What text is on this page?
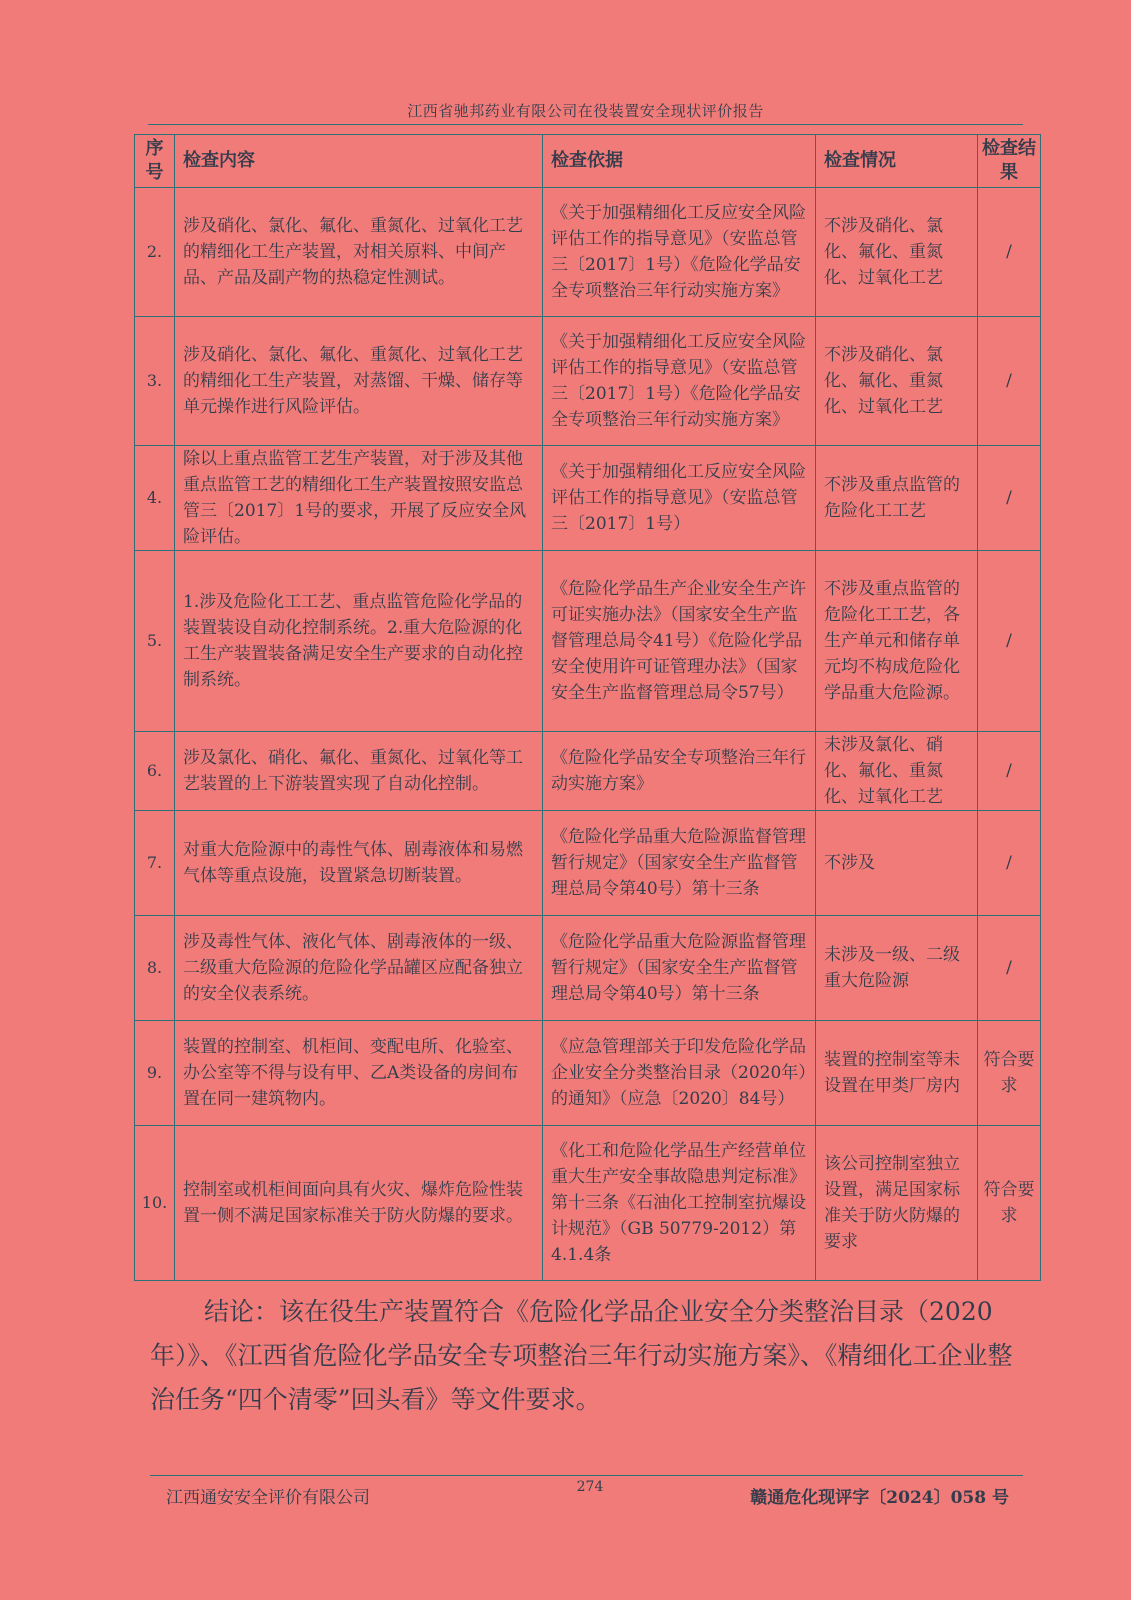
江西省驰邦药业有限公司在役装置安全现状评价报告
序号	检查内容	检查依据	检查情况	检查结果
2.	涉及硝化、氯化、氟化、重氮化、过氧化工艺的精细化工生产装置，对相关原料、中间产品、产品及副产物的热稳定性测试。	《关于加强精细化工反应安全风险评估工作的指导意见》（安监总管三〔2017〕1号）《危险化学品安全专项整治三年行动实施方案》	不涉及硝化、氯化、氟化、重氮化、过氧化工艺	/
3.	涉及硝化、氯化、氟化、重氮化、过氧化工艺的精细化工生产装置，对蒸馏、干燥、储存等单元操作进行风险评估。	《关于加强精细化工反应安全风险评估工作的指导意见》（安监总管三〔2017〕1号）《危险化学品安全专项整治三年行动实施方案》	不涉及硝化、氯化、氟化、重氮化、过氧化工艺	/
4.	除以上重点监管工艺生产装置，对于涉及其他重点监管工艺的精细化工生产装置按照安监总管三〔2017〕1号的要求，开展了反应安全风险评估。	《关于加强精细化工反应安全风险评估工作的指导意见》（安监总管三〔2017〕1号）	不涉及重点监管的危险化工工艺	/
5.	1.涉及危险化工工艺、重点监管危险化学品的装置装设自动化控制系统。2.重大危险源的化工生产装置装备满足安全生产要求的自动化控制系统。	《危险化学品生产企业安全生产许可证实施办法》（国家安全生产监督管理总局令41号）《危险化学品安全使用许可证管理办法》（国家安全生产监督管理总局令57号）	不涉及重点监管的危险化工工艺，各生产单元和储存单元均不构成危险化学品重大危险源。	/
6.	涉及氯化、硝化、氟化、重氮化、过氧化等工艺装置的上下游装置实现了自动化控制。	《危险化学品安全专项整治三年行动实施方案》	未涉及氯化、硝化、氟化、重氮化、过氧化工艺	/
7.	对重大危险源中的毒性气体、剧毒液体和易燃气体等重点设施，设置紧急切断装置。	《危险化学品重大危险源监督管理暂行规定》（国家安全生产监督管理总局令第40号）第十三条	不涉及	/
8.	涉及毒性气体、液化气体、剧毒液体的一级、二级重大危险源的危险化学品罐区应配备独立的安全仪表系统。	《危险化学品重大危险源监督管理暂行规定》（国家安全生产监督管理总局令第40号）第十三条	未涉及一级、二级重大危险源	/
9.	装置的控制室、机柜间、变配电所、化验室、办公室等不得与设有甲、乙A类设备的房间布置在同一建筑物内。	《应急管理部关于印发危险化学品企业安全分类整治目录（2020年）的通知》（应急〔2020〕84号）	装置的控制室等未设置在甲类厂房内	符合要求
10.	控制室或机柜间面向具有火灾、爆炸危险性装置一侧不满足国家标准关于防火防爆的要求。	《化工和危险化学品生产经营单位重大生产安全事故隐患判定标准》第十三条《石油化工控制室抗爆设计规范》（GB 50779-2012）第4.1.4条	该公司控制室独立设置，满足国家标准关于防火防爆的要求	符合要求
结论：该在役生产装置符合《危险化学品企业安全分类整治目录（2020年）》、《江西省危险化学品安全专项整治三年行动实施方案》、《精细化工企业整治任务“四个清零”回头看》等文件要求。
江西通安安全评价有限公司
274
赣通危化现评字〔2024〕058 号
